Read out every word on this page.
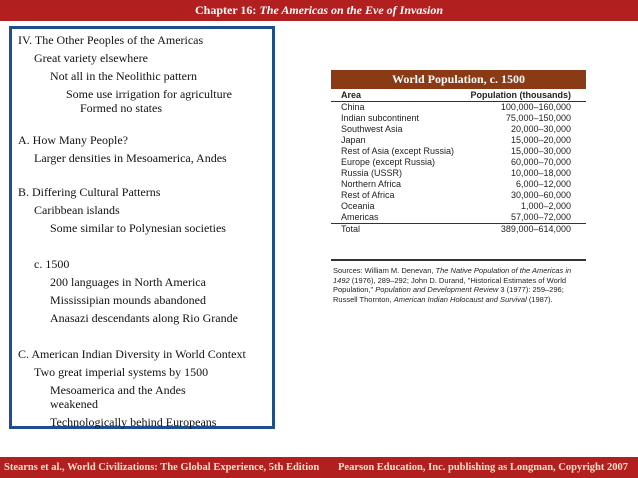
Chapter 16: The Americas on the Eve of Invasion
IV. The Other Peoples of the Americas
Great variety elsewhere
Not all in the Neolithic pattern
Some use irrigation for agriculture
Formed no states
A. How Many People?
Larger densities in Mesoamerica, Andes
B. Differing Cultural Patterns
Caribbean islands
Some similar to Polynesian societies
c. 1500
200 languages in North America
Mississipian mounds abandoned
Anasazi descendants along Rio Grande
C. American Indian Diversity in World Context
Two great imperial systems by 1500
Mesoamerica and the Andes
weakened
Technologically behind Europeans
World Population, c. 1500
Area	Population (thousands)
China	100,000–160,000
Indian subcontinent	75,000–150,000
Southwest Asia	20,000–30,000
Japan	15,000–20,000
Rest of Asia (except Russia)	15,000–30,000
Europe (except Russia)	60,000–70,000
Russia (USSR)	10,000–18,000
Northern Africa	6,000–12,000
Rest of Africa	30,000–60,000
Oceania	1,000–2,000
Americas	57,000–72,000
Total	389,000–614,000
Sources: William M. Denevan, The Native Population of the Americas in 1492 (1976), 289–292; John D. Durand, "Historical Estimates of World Population," Population and Development Review 3 (1977): 259–296; Russell Thornton, American Indian Holocaust and Survival (1987).
Stearns et al., World Civilizations: The Global Experience, 5th Edition Pearson Education, Inc. publishing as Longman, Copyright 2007
